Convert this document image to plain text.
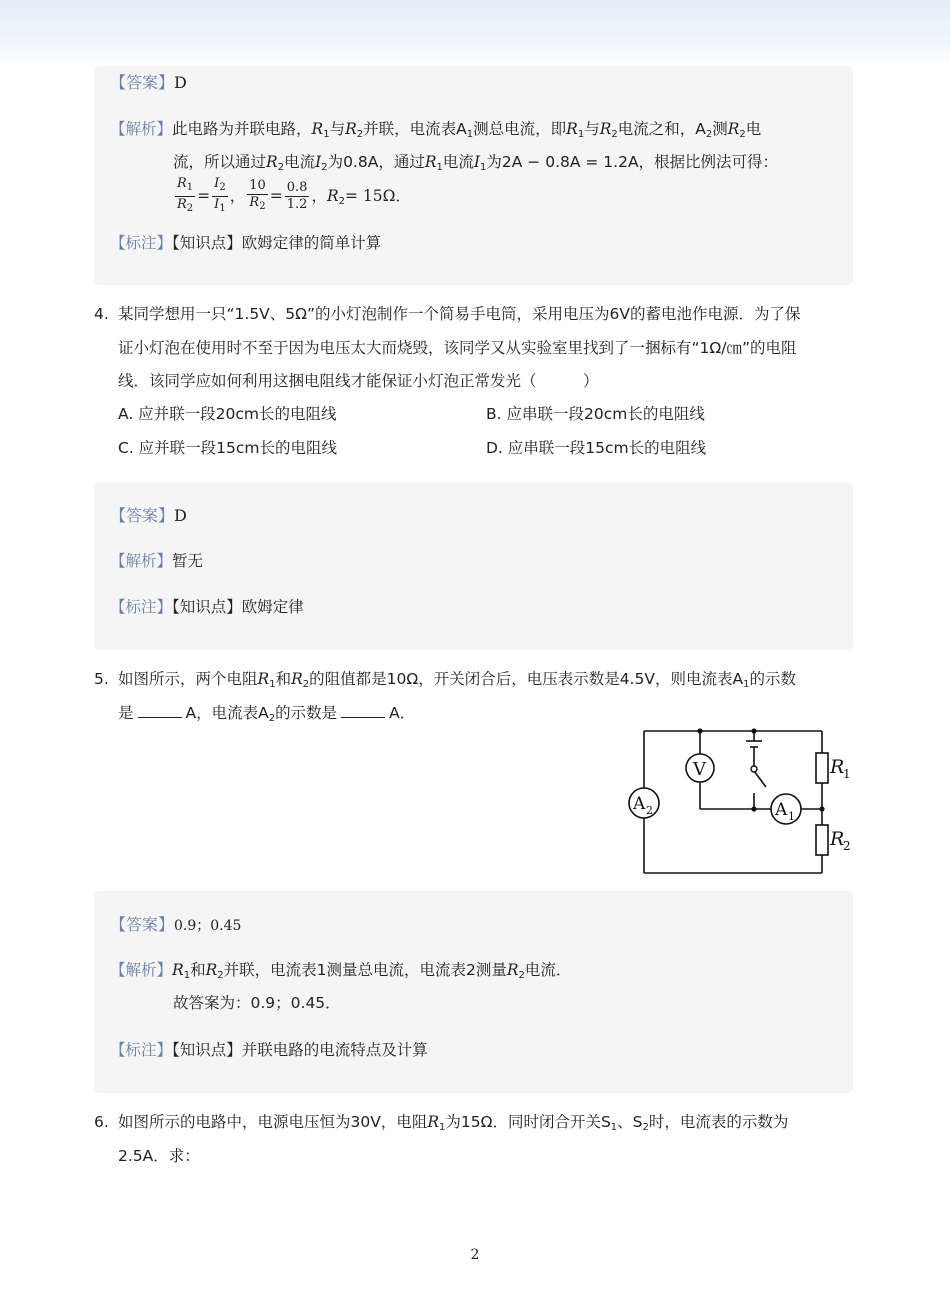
【答案】D
【解析】此电路为并联电路，$R_1$与$R_2$并联，电流表$A_1$测总电流，即$R_1$与$R_2$电流之和，$A_2$测$R_2$电
流，所以通过$R_2$电流$I_2$为0.8A，通过$R_1$电流$I_1$为2A − 0.8A = 1.2A，根据比例法可得：
$\frac{R_1}{R_2} = \frac{I_2}{I_1}$ ， $\frac{10}{R_2} = \frac{0.8}{1.2}$ ，$R_2= 15\Omega$．
【标注】【知识点】欧姆定律的简单计算
4. 某同学想用一只“1.5V、5Ω”的小灯泡制作一个简易手电筒，采用电压为6V的蓄电池作电源．为了保
证小灯泡在使用时不至于因为电压太大而烧毁，该同学又从实验室里找到了一捆标有“1Ω/㎝”的电阻
线．该同学应如何利用这捆电阻线才能保证小灯泡正常发光（　　　）
A. 应并联一段20cm长的电阻线	B. 应串联一段20cm长的电阻线
C. 应并联一段15cm长的电阻线	D. 应串联一段15cm长的电阻线
【答案】D
【解析】暂无
【标注】【知识点】欧姆定律
5. 如图所示，两个电阻$R_1$和$R_2$的阻值都是10Ω，开关闭合后，电压表示数是4.5V，则电流表$A_1$的示数
是	A，电流表$A_2$的示数是	A．
V
A 2	A 1
R
1
R
2
【答案】0.9；0.45
【解析】$R_1$和$R_2$并联，电流表1测量总电流，电流表2测量$R_2$电流．
故答案为：0.9；0.45．
【标注】【知识点】并联电路的电流特点及计算
6. 如图所示的电路中，电源电压恒为30V，电阻$R_1$为15Ω．同时闭合开关$S_1$、$S_2$时，电流表的示数为
2.5A．求：
2
